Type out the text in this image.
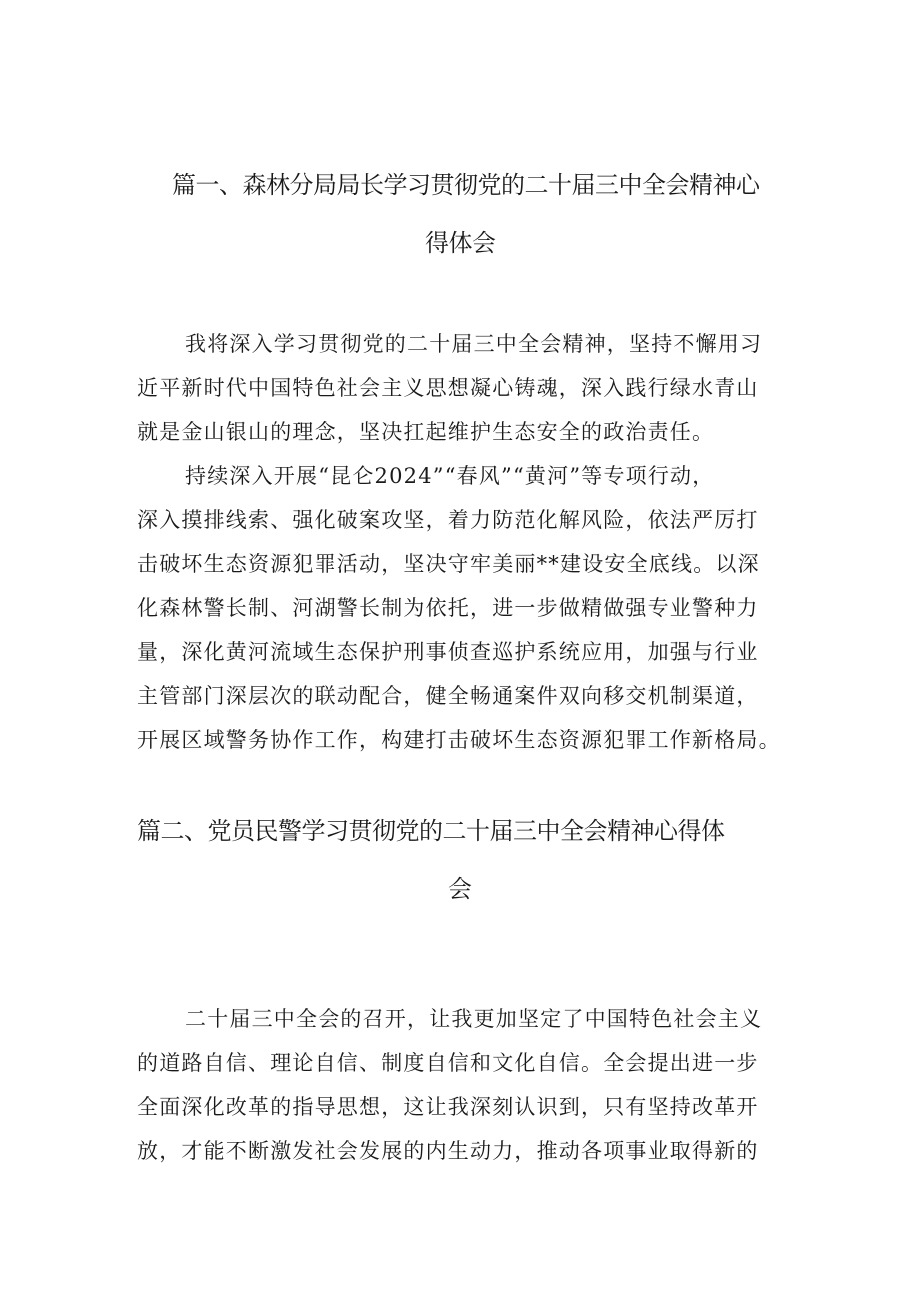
篇一、森林分局局长学习贯彻党的二十届三中全会精神心
得体会

我将深入学习贯彻党的二十届三中全会精神，坚持不懈用习
近平新时代中国特色社会主义思想凝心铸魂，深入践行绿水青山
就是金山银山的理念，坚决扛起维护生态安全的政治责任。

持续深入开展“昆仑2024”“春风”“黄河”等专项行动，
深入摸排线索、强化破案攻坚，着力防范化解风险，依法严厉打
击破坏生态资源犯罪活动，坚决守牢美丽**建设安全底线。以深
化森林警长制、河湖警长制为依托，进一步做精做强专业警种力
量，深化黄河流域生态保护刑事侦查巡护系统应用，加强与行业
主管部门深层次的联动配合，健全畅通案件双向移交机制渠道，
开展区域警务协作工作，构建打击破坏生态资源犯罪工作新格局。

篇二、党员民警学习贯彻党的二十届三中全会精神心得体
会

二十届三中全会的召开，让我更加坚定了中国特色社会主义
的道路自信、理论自信、制度自信和文化自信。全会提出进一步
全面深化改革的指导思想，这让我深刻认识到，只有坚持改革开
放，才能不断激发社会发展的内生动力，推动各项事业取得新的
